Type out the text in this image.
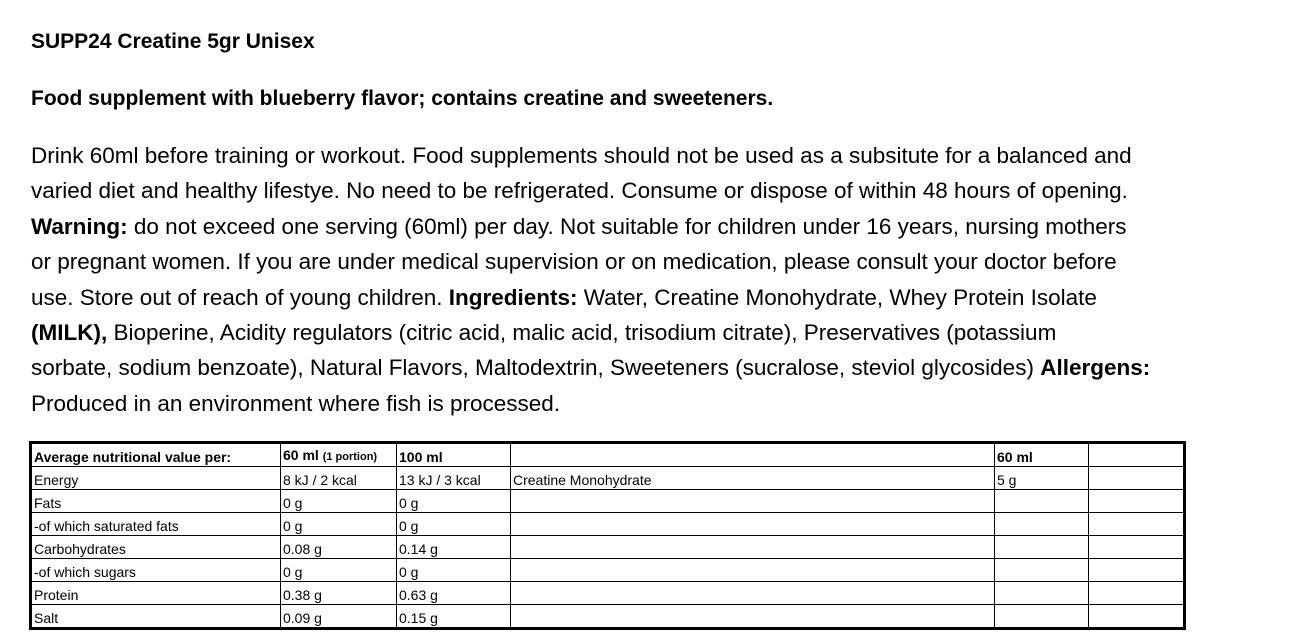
SUPP24 Creatine 5gr Unisex
Food supplement with blueberry flavor; contains creatine and sweeteners.
Drink 60ml before training or workout. Food supplements should not be used as a subsitute for a balanced and
varied diet and healthy lifestye. No need to be refrigerated. Consume or dispose of within 48 hours of opening.
Warning: do not exceed one serving (60ml) per day. Not suitable for children under 16 years, nursing mothers
or pregnant women. If you are under medical supervision or on medication, please consult your doctor before
use. Store out of reach of young children. Ingredients: Water, Creatine Monohydrate, Whey Protein Isolate
(MILK), Bioperine, Acidity regulators (citric acid, malic acid, trisodium citrate), Preservatives (potassium
sorbate, sodium benzoate), Natural Flavors, Maltodextrin, Sweeteners (sucralose, steviol glycosides) Allergens:
Produced in an environment where fish is processed.
Average nutritional value per:	60 ml (1 portion)	100 ml		60 ml	
Energy	8 kJ / 2 kcal	13 kJ / 3 kcal	Creatine Monohydrate	5 g	
Fats	0 g	0 g			
-of which saturated fats	0 g	0 g			
Carbohydrates	0.08 g	0.14 g			
-of which sugars	0 g	0 g			
Protein	0.38 g	0.63 g			
Salt	0.09 g	0.15 g			
